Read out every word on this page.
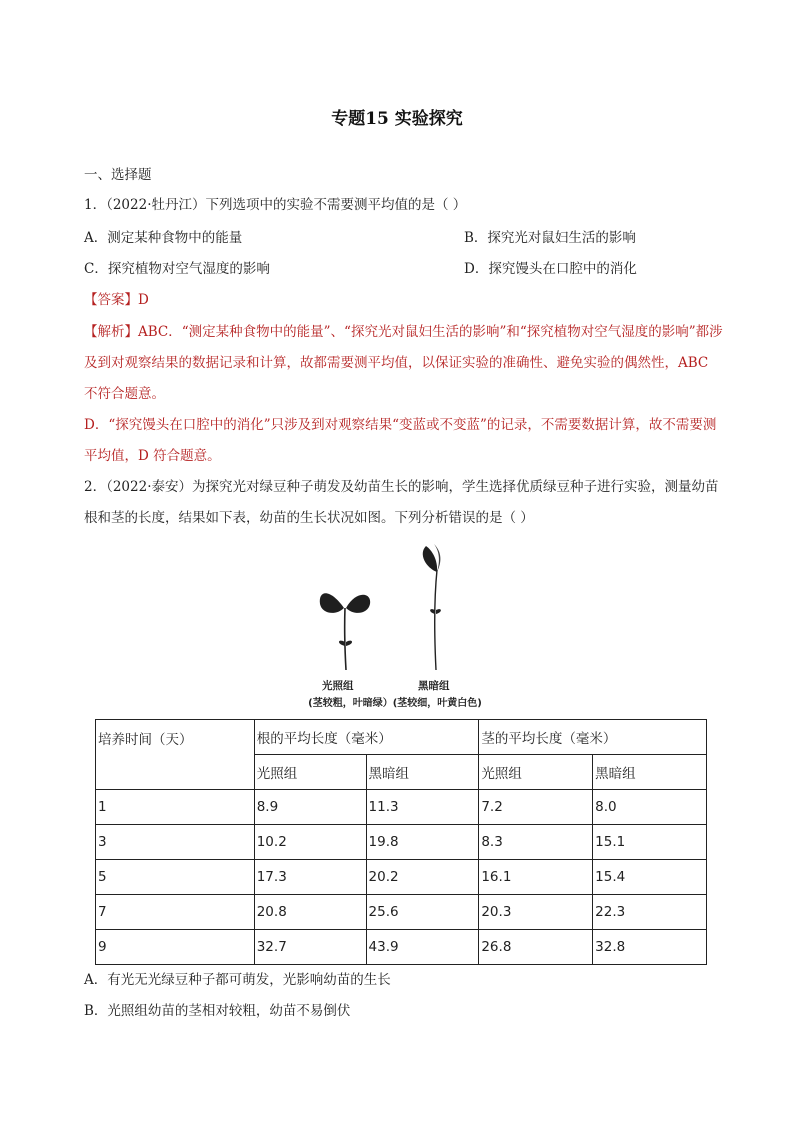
专题15 实验探究
一、选择题
1．（2022·牡丹江）下列选项中的实验不需要测平均值的是（ ）
A．测定某种食物中的能量	B．探究光对鼠妇生活的影响
C．探究植物对空气湿度的影响	D．探究馒头在口腔中的消化
【答案】D
【解析】ABC．“测定某种食物中的能量”、“探究光对鼠妇生活的影响”和“探究植物对空气湿度的影响”都涉
及到对观察结果的数据记录和计算，故都需要测平均值，以保证实验的准确性、避免实验的偶然性，ABC
不符合题意。
D．“探究馒头在口腔中的消化”只涉及到对观察结果“变蓝或不变蓝”的记录，不需要数据计算，故不需要测
平均值，D 符合题意。
2．（2022·泰安）为探究光对绿豆种子萌发及幼苗生长的影响，学生选择优质绿豆种子进行实验，测量幼苗
根和茎的长度，结果如下表，幼苗的生长状况如图。下列分析错误的是（ ）
光照组	黑暗组
(茎较粗，叶暗绿）(茎较细，叶黄白色)
培养时间（天）	根的平均长度（毫米）		茎的平均长度（毫米）	
	光照组	黑暗组	光照组	黑暗组
1	8.9	11.3	7.2	8.0
3	10.2	19.8	8.3	15.1
5	17.3	20.2	16.1	15.4
7	20.8	25.6	20.3	22.3
9	32.7	43.9	26.8	32.8
A．有光无光绿豆种子都可萌发，光影响幼苗的生长
B．光照组幼苗的茎相对较粗，幼苗不易倒伏
